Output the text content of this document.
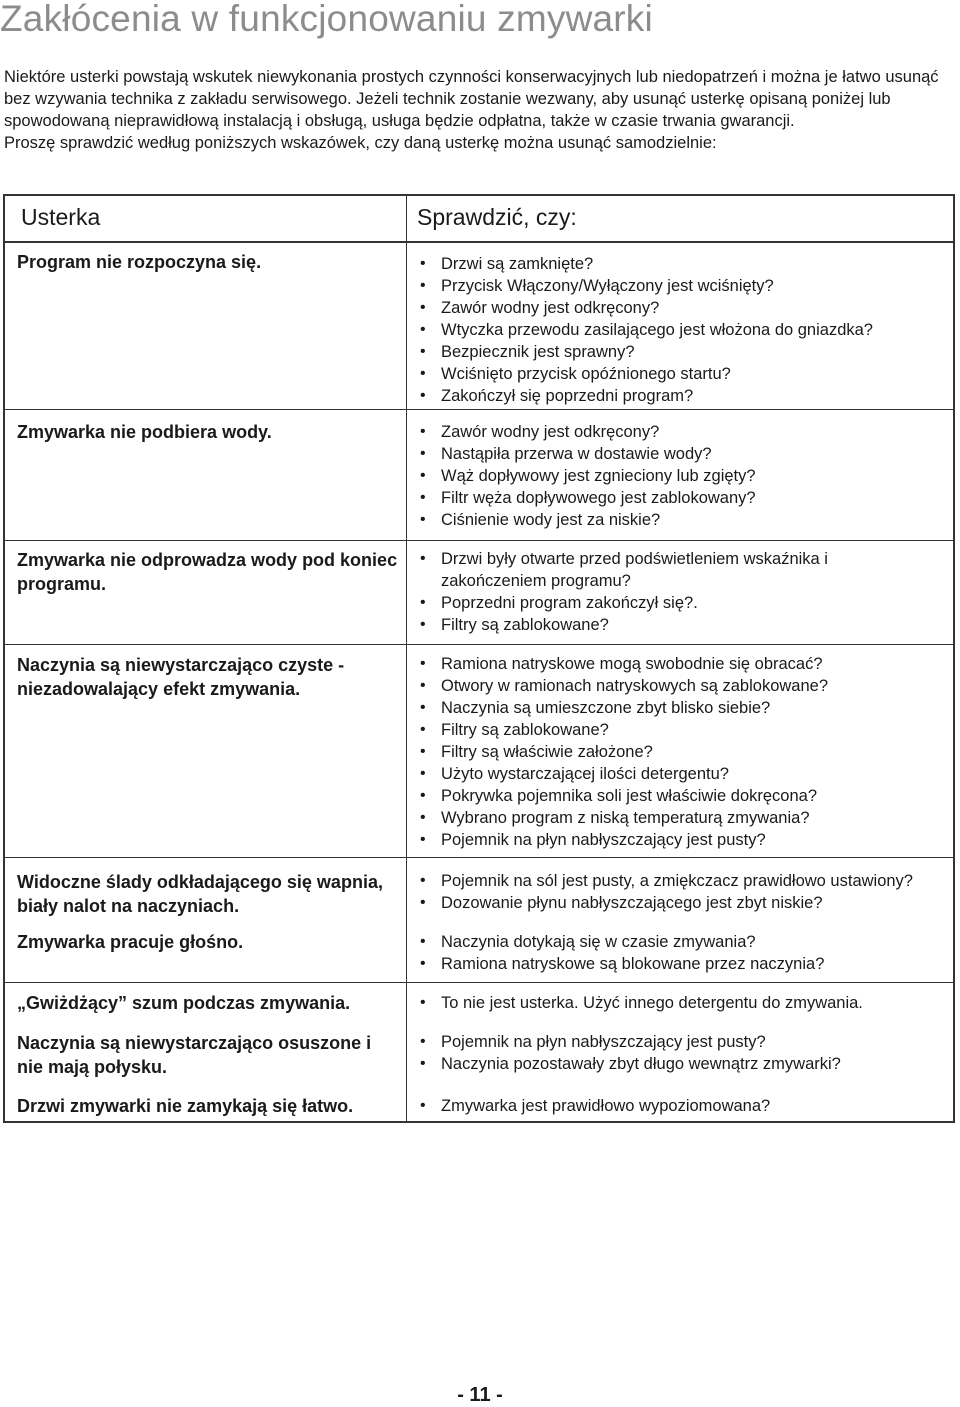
Zakłócenia w funkcjonowaniu zmywarki

Niektóre usterki powstają wskutek niewykonania prostych czynności konserwacyjnych lub niedopatrzeń i można je łatwo usunąć bez wzywania technika z zakładu serwisowego. Jeżeli technik zostanie wezwany, aby usunąć usterkę opisaną poniżej lub spowodowaną nieprawidłową instalacją i obsługą, usługa będzie odpłatna, także w czasie trwania gwarancji.

Proszę sprawdzić według poniższych wskazówek, czy daną usterkę można usunąć samodzielnie:

Usterka	Sprawdzić, czy:
Program nie rozpoczyna się.	• Drzwi są zamknięte?
• Przycisk Włączony/Wyłączony jest wciśnięty?
• Zawór wodny jest odkręcony?
• Wtyczka przewodu zasilającego jest włożona do gniazdka?
• Bezpiecznik jest sprawny?
• Wciśnięto przycisk opóźnionego startu?
• Zakończył się poprzedni program?
Zmywarka nie podbiera wody.	• Zawór wodny jest odkręcony?
• Nastąpiła przerwa w dostawie wody?
• Wąż dopływowy jest zgnieciony lub zgięty?
• Filtr węża dopływowego jest zablokowany?
• Ciśnienie wody jest za niskie?
Zmywarka nie odprowadza wody pod koniec programu.
• Drzwi były otwarte przed podświetleniem wskaźnika i zakończeniem programu?
• Poprzedni program zakończył się?.
• Filtry są zablokowane?
Naczynia są niewystarczająco czyste - niezadowalający efekt zmywania.
• Ramiona natryskowe mogą swobodnie się obracać?
• Otwory w ramionach natryskowych są zablokowane?
• Naczynia są umieszczone zbyt blisko siebie?
• Filtry są zablokowane?
• Filtry są właściwie założone?
• Użyto wystarczającej ilości detergentu?
• Pokrywka pojemnika soli jest właściwie dokręcona?
• Wybrano program z niską temperaturą zmywania?
• Pojemnik na płyn nabłyszczający jest pusty?
Widoczne ślady odkładającego się wapnia, biały nalot na naczyniach.
• Pojemnik na sól jest pusty, a zmiękczacz prawidłowo ustawiony?
• Dozowanie płynu nabłyszczającego jest zbyt niskie?
Zmywarka pracuje głośno.	• Naczynia dotykają się w czasie zmywania?
• Ramiona natryskowe są blokowane przez naczynia?
„Gwiżdżący” szum podczas zmywania.	• To nie jest usterka. Użyć innego detergentu do zmywania.
Naczynia są niewystarczająco osuszone i nie mają połysku.
• Pojemnik na płyn nabłyszczający jest pusty?
• Naczynia pozostawały zbyt długo wewnątrz zmywarki?
Drzwi zmywarki nie zamykają się łatwo.	• Zmywarka jest prawidłowo wypoziomowana?
- 11 -
